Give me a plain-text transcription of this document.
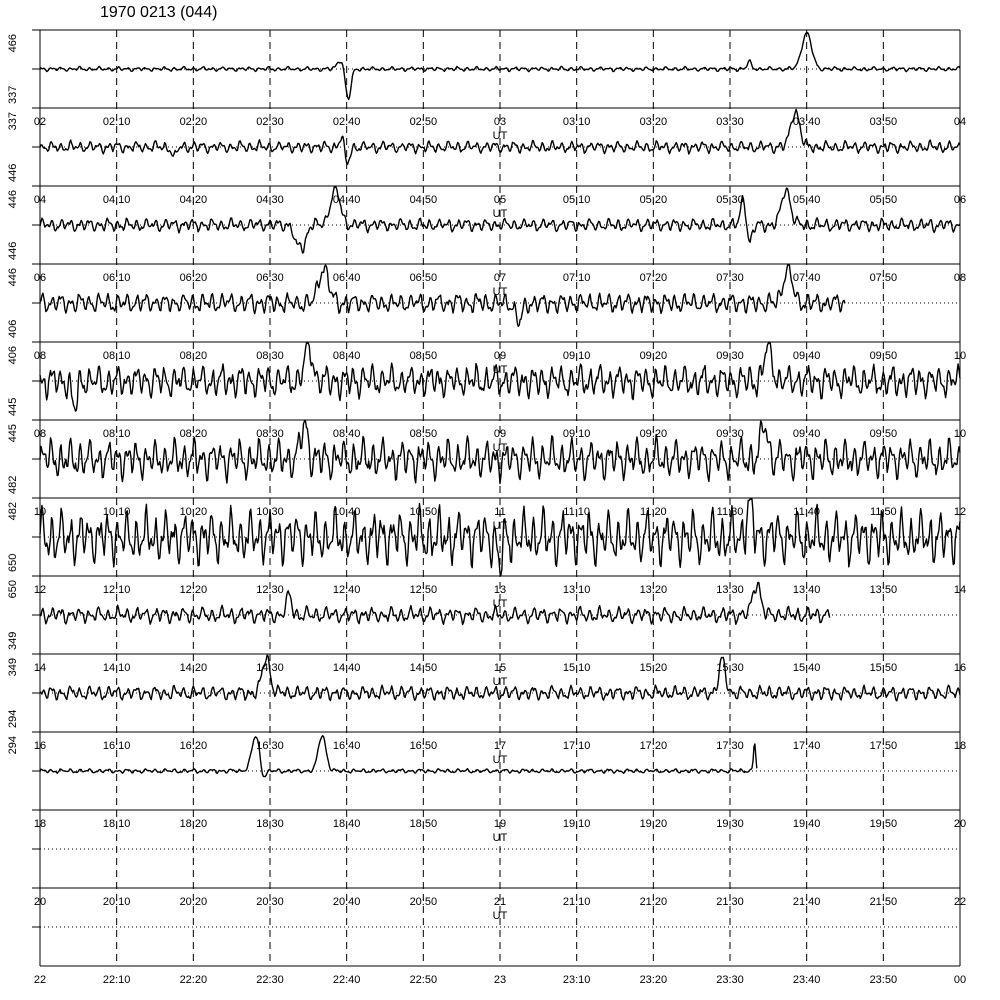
1970 0213 (044)
466
337
337
446
02	02:10	02:20	02:30	02:40	02:50	03	03:10	03:20	03:30	03:40	03:50	04
UT
446
446
04	04:10	04:20	04:30	04:40	04:50	05	05:10	05:20	05:30	05:40	05:50	06
UT
446
406
06	06:10	06:20	06:30	06:40	06:50	07	07:10	07:20	07:30	07:40	07:50	08
UT
406
445
08	08:10	08:20	08:30	08:40	08:50	09	09:10	09:20	09:30	09:40	09:50	10
UT
445
482
08	08:10	08:20	08:30	08:40	08:50	09	09:10	09:20	09:30	09:40	09:50	10
UT
482
650
10	10:10	10:20	10:30	10:40	10:50	11	11:10	11:20	11:30	11:40	11:50	12
UT
650
349
12	12:10	12:20	12:30	12:40	12:50	13	13:10	13:20	13:30	13:40	13:50	14
UT
349
294
14	14:10	14:20	14:30	14:40	14:50	15	15:10	15:20	15:30	15:40	15:50	16
UT
294 16	16:10	16:20	16:30	16:40	16:50	17	17:10	17:20	17:30	17:40	17:50	18
UT
18	18:10	18:20	18:30	18:40	18:50	19	19:10	19:20	19:30	19:40	19:50	20
UT
20	20:10	20:20	20:30	20:40	20:50	21	21:10	21:20	21:30	21:40	21:50	22
UT
22	22:10	22:20	22:30	22:40	22:50	23	23:10	23:20	23:30	23:40	23:50	00
